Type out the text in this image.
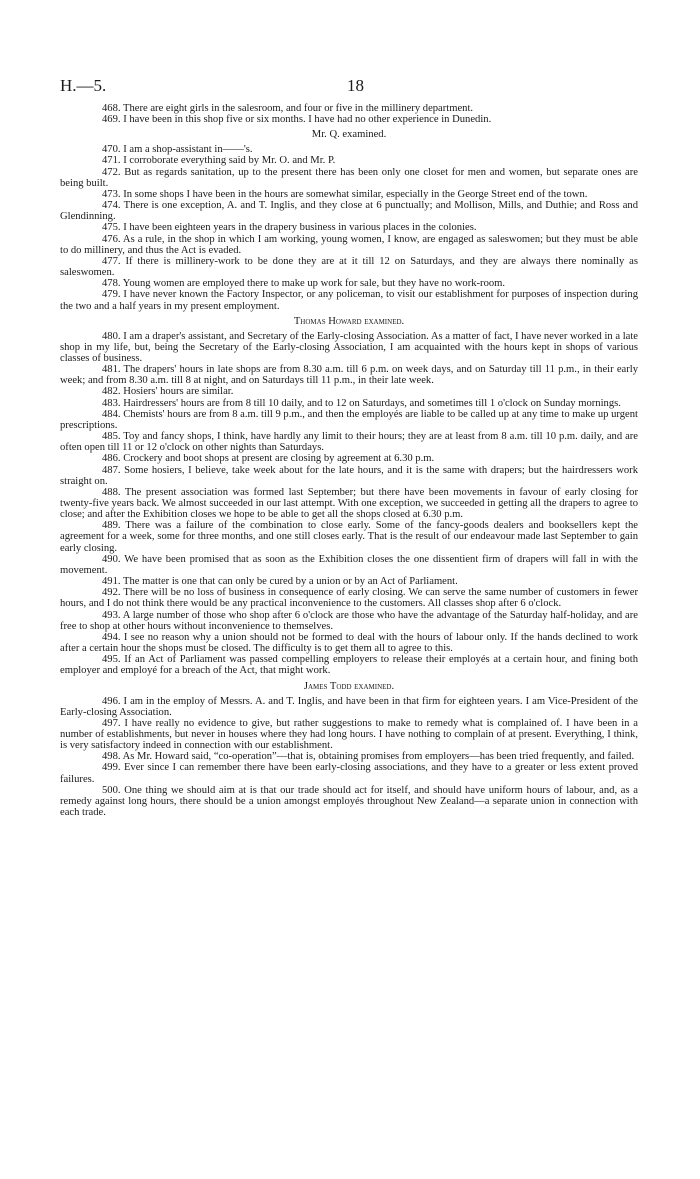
H.—5.	18

468. There are eight girls in the salesroom, and four or five in the millinery department.

469. I have been in this shop five or six months. I have had no other experience in Dunedin.

Mr. Q. examined.

470. I am a shop-assistant in——'s.

471. I corroborate everything said by Mr. O. and Mr. P.

472. But as regards sanitation, up to the present there has been only one closet for men and women, but separate ones are being built.

473. In some shops I have been in the hours are somewhat similar, especially in the George Street end of the town.

474. There is one exception, A. and T. Inglis, and they close at 6 punctually; and Mollison, Mills, and Duthie; and Ross and Glendinning.

475. I have been eighteen years in the drapery business in various places in the colonies.

476. As a rule, in the shop in which I am working, young women, I know, are engaged as saleswomen; but they must be able to do millinery, and thus the Act is evaded.

477. If there is millinery-work to be done they are at it till 12 on Saturdays, and they are always there nominally as saleswomen.

478. Young women are employed there to make up work for sale, but they have no work-room.

479. I have never known the Factory Inspector, or any policeman, to visit our establishment for purposes of inspection during the two and a half years in my present employment.

Thomas Howard examined.

480. I am a draper's assistant, and Secretary of the Early-closing Association. As a matter of fact, I have never worked in a late shop in my life, but, being the Secretary of the Early-closing Association, I am acquainted with the hours kept in shops of various classes of business.

481. The drapers' hours in late shops are from 8.30 a.m. till 6 p.m. on week days, and on Saturday till 11 p.m., in their early week; and from 8.30 a.m. till 8 at night, and on Saturdays till 11 p.m., in their late week.

482. Hosiers' hours are similar.

483. Hairdressers' hours are from 8 till 10 daily, and to 12 on Saturdays, and sometimes till 1 o'clock on Sunday mornings.

484. Chemists' hours are from 8 a.m. till 9 p.m., and then the employés are liable to be called up at any time to make up urgent prescriptions.

485. Toy and fancy shops, I think, have hardly any limit to their hours; they are at least from 8 a.m. till 10 p.m. daily, and are often open till 11 or 12 o'clock on other nights than Saturdays.

486. Crockery and boot shops at present are closing by agreement at 6.30 p.m.

487. Some hosiers, I believe, take week about for the late hours, and it is the same with drapers; but the hairdressers work straight on.

488. The present association was formed last September; but there have been movements in favour of early closing for twenty-five years back. We almost succeeded in our last attempt. With one exception, we succeeded in getting all the drapers to agree to close; and after the Exhibition closes we hope to be able to get all the shops closed at 6.30 p.m.

489. There was a failure of the combination to close early. Some of the fancy-goods dealers and booksellers kept the agreement for a week, some for three months, and one still closes early. That is the result of our endeavour made last September to gain early closing.

490. We have been promised that as soon as the Exhibition closes the one dissentient firm of drapers will fall in with the movement.

491. The matter is one that can only be cured by a union or by an Act of Parliament.

492. There will be no loss of business in consequence of early closing. We can serve the same number of customers in fewer hours, and I do not think there would be any practical inconvenience to the customers. All classes shop after 6 o'clock.

493. A large number of those who shop after 6 o'clock are those who have the advantage of the Saturday half-holiday, and are free to shop at other hours without inconvenience to themselves.

494. I see no reason why a union should not be formed to deal with the hours of labour only. If the hands declined to work after a certain hour the shops must be closed. The difficulty is to get them all to agree to this.

495. If an Act of Parliament was passed compelling employers to release their employés at a certain hour, and fining both employer and employé for a breach of the Act, that might work.

James Todd examined.

496. I am in the employ of Messrs. A. and T. Inglis, and have been in that firm for eighteen years. I am Vice-President of the Early-closing Association.

497. I have really no evidence to give, but rather suggestions to make to remedy what is complained of. I have been in a number of establishments, but never in houses where they had long hours. I have nothing to complain of at present. Everything, I think, is very satisfactory indeed in connection with our establishment.

498. As Mr. Howard said, “co-operation”—that is, obtaining promises from employers—has been tried frequently, and failed.

499. Ever since I can remember there have been early-closing associations, and they have to a greater or less extent proved failures.

500. One thing we should aim at is that our trade should act for itself, and should have uniform hours of labour, and, as a remedy against long hours, there should be a union amongst employés throughout New Zealand—a separate union in connection with each trade.
